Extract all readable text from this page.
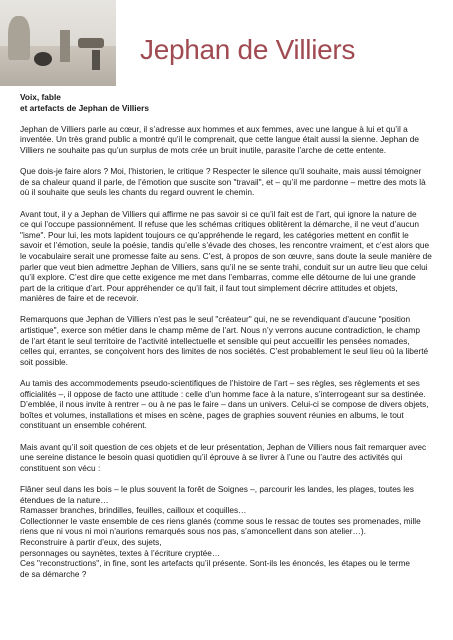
Jephan de Villiers
Voix, fable
et artefacts de Jephan de Villiers
Jephan de Villiers parle au cœur, il s’adresse aux hommes et aux femmes, avec une langue à lui et qu’il a
inventée. Un très grand public a montré qu’il le comprenait, que cette langue était aussi la sienne. Jephan de
Villiers ne souhaite pas qu’un surplus de mots crée un bruit inutile, parasite l’arche de cette entente.
Que dois-je faire alors ? Moi, l’historien, le critique ? Respecter le silence qu’il souhaite, mais aussi témoigner
de sa chaleur quand il parle, de l’émotion que suscite son "travail", et – qu’il me pardonne – mettre des mots là
où il souhaite que seuls les chants du regard ouvrent le chemin.
Avant tout, il y a Jephan de Villiers qui affirme ne pas savoir si ce qu’il fait est de l’art, qui ignore la nature de
ce qui l’occupe passionnément. Il refuse que les schémas critiques oblitèrent la démarche, il ne veut d’aucun
"isme". Pour lui, les mots lapident toujours ce qu’appréhende le regard, les catégories mettent en conflit le
savoir et l’émotion, seule la poésie, tandis qu’elle s’évade des choses, les rencontre vraiment, et c’est alors que
le vocabulaire serait une promesse faite au sens. C’est, à propos de son œuvre, sans doute la seule manière de
parler que veut bien admettre Jephan de Villiers, sans qu’il ne se sente trahi, conduit sur un autre lieu que celui
qu’il explore. C’est dire que cette exigence me met dans l’embarras, comme elle détourne de lui une grande
part de la critique d’art. Pour appréhender ce qu’il fait, il faut tout simplement décrire attitudes et objets,
manières de faire et de recevoir.
Remarquons que Jephan de Villiers n’est pas le seul "créateur" qui, ne se revendiquant d’aucune "position
artistique", exerce son métier dans le champ même de l’art. Nous n’y verrons aucune contradiction, le champ
de l’art étant le seul territoire de l’activité intellectuelle et sensible qui peut accueillir les pensées nomades,
celles qui, errantes, se conçoivent hors des limites de nos sociétés. C’est probablement le seul lieu où la liberté
soit possible.
Au tamis des accommodements pseudo-scientifiques de l’histoire de l’art – ses règles, ses règlements et ses
officialités –, il oppose de facto une attitude : celle d’un homme face à la nature, s’interrogeant sur sa destinée.
D’emblée, il nous invite à rentrer – ou à ne pas le faire – dans un univers. Celui-ci se compose de divers objets,
boîtes et volumes, installations et mises en scène, pages de graphies souvent réunies en albums, le tout
constituant un ensemble cohérent.
Mais avant qu’il soit question de ces objets et de leur présentation, Jephan de Villiers nous fait remarquer avec
une sereine distance le besoin quasi quotidien qu’il éprouve à se livrer à l’une ou l’autre des activités qui
constituent son vécu :
Flâner seul dans les bois – le plus souvent la forêt de Soignes –, parcourir les landes, les plages, toutes les
étendues de la nature…
Ramasser branches, brindilles, feuilles, cailloux et coquilles…
Collectionner le vaste ensemble de ces riens glanés (comme sous le ressac de toutes ses promenades, mille
riens que ni vous ni moi n’aurions remarqués sous nos pas, s’amoncellent dans son atelier…).
Reconstruire à partir d’eux, des sujets,
personnages ou saynètes, textes à l’écriture cryptée…
Ces "reconstructions", in fine, sont les artefacts qu’il présente. Sont-ils les énoncés, les étapes ou le terme
de sa démarche ?
